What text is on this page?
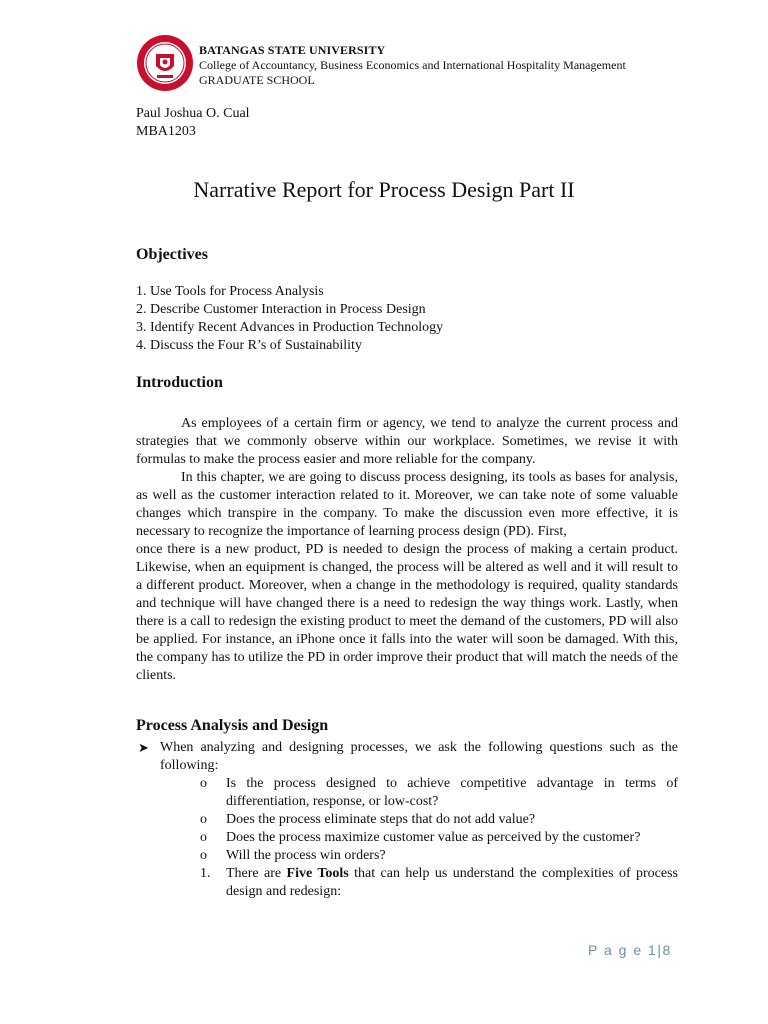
BATANGAS STATE UNIVERSITY
College of Accountancy, Business Economics and International Hospitality Management
GRADUATE SCHOOL
Paul Joshua O. Cual
MBA1203
Narrative Report for Process Design Part II
Objectives
1. Use Tools for Process Analysis
2. Describe Customer Interaction in Process Design
3. Identify Recent Advances in Production Technology
4. Discuss the Four R’s of Sustainability
Introduction

As employees of a certain firm or agency, we tend to analyze the current process and strategies that we commonly observe within our workplace. Sometimes, we revise it with formulas to make the process easier and more reliable for the company.

In this chapter, we are going to discuss process designing, its tools as bases for analysis, as well as the customer interaction related to it. Moreover, we can take note of some valuable changes which transpire in the company. To make the discussion even more effective, it is necessary to recognize the importance of learning process design (PD). First,

once there is a new product, PD is needed to design the process of making a certain product. Likewise, when an equipment is changed, the process will be altered as well and it will result to a different product. Moreover, when a change in the methodology is required, quality standards and technique will have changed there is a need to redesign the way things work. Lastly, when there is a call to redesign the existing product to meet the demand of the customers, PD will also be applied. For instance, an iPhone once it falls into the water will soon be damaged. With this, the company has to utilize the PD in order improve their product that will match the needs of the clients.

Process Analysis and Design
➤ When analyzing and designing processes, we ask the following questions such as the following:
o Is the process designed to achieve competitive advantage in terms of differentiation, response, or low-cost?
o Does the process eliminate steps that do not add value?
o Does the process maximize customer value as perceived by the customer?
o Will the process win orders?
1. There are Five Tools that can help us understand the complexities of process design and redesign:
P a g e 1|8
